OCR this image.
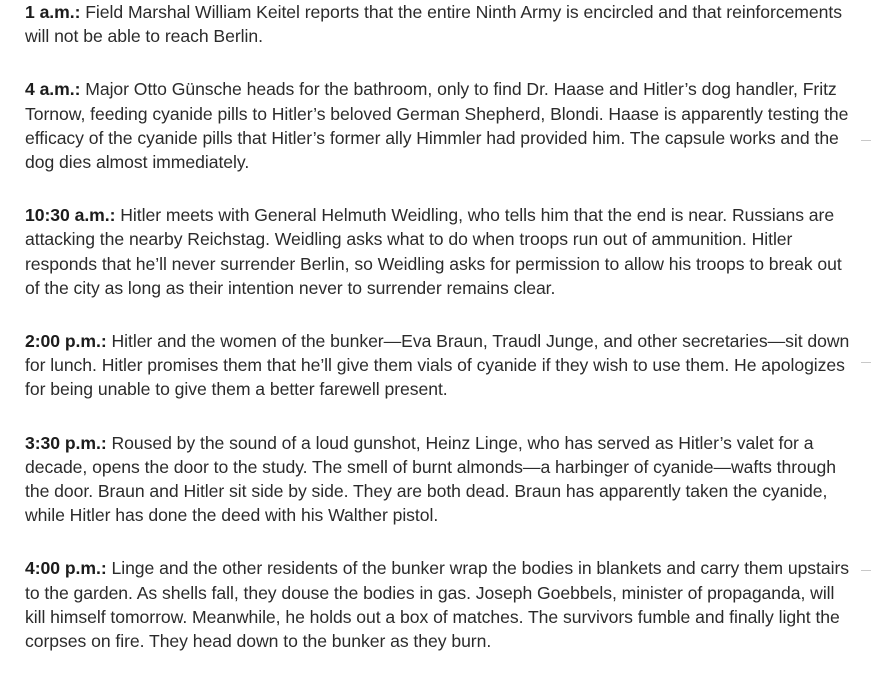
1 a.m.: Field Marshal William Keitel reports that the entire Ninth Army is encircled and that reinforcements will not be able to reach Berlin.

4 a.m.: Major Otto Günsche heads for the bathroom, only to find Dr. Haase and Hitler’s dog handler, Fritz Tornow, feeding cyanide pills to Hitler’s beloved German Shepherd, Blondi. Haase is apparently testing the efficacy of the cyanide pills that Hitler’s former ally Himmler had provided him. The capsule works and the dog dies almost immediately.

10:30 a.m.: Hitler meets with General Helmuth Weidling, who tells him that the end is near. Russians are attacking the nearby Reichstag. Weidling asks what to do when troops run out of ammunition. Hitler responds that he’ll never surrender Berlin, so Weidling asks for permission to allow his troops to break out of the city as long as their intention never to surrender remains clear.

2:00 p.m.: Hitler and the women of the bunker—Eva Braun, Traudl Junge, and other secretaries—sit down for lunch. Hitler promises them that he’ll give them vials of cyanide if they wish to use them. He apologizes for being unable to give them a better farewell present.

3:30 p.m.: Roused by the sound of a loud gunshot, Heinz Linge, who has served as Hitler’s valet for a decade, opens the door to the study. The smell of burnt almonds—a harbinger of cyanide—wafts through the door. Braun and Hitler sit side by side. They are both dead. Braun has apparently taken the cyanide, while Hitler has done the deed with his Walther pistol.

4:00 p.m.: Linge and the other residents of the bunker wrap the bodies in blankets and carry them upstairs to the garden. As shells fall, they douse the bodies in gas. Joseph Goebbels, minister of propaganda, will kill himself tomorrow. Meanwhile, he holds out a box of matches. The survivors fumble and finally light the corpses on fire. They head down to the bunker as they burn.
